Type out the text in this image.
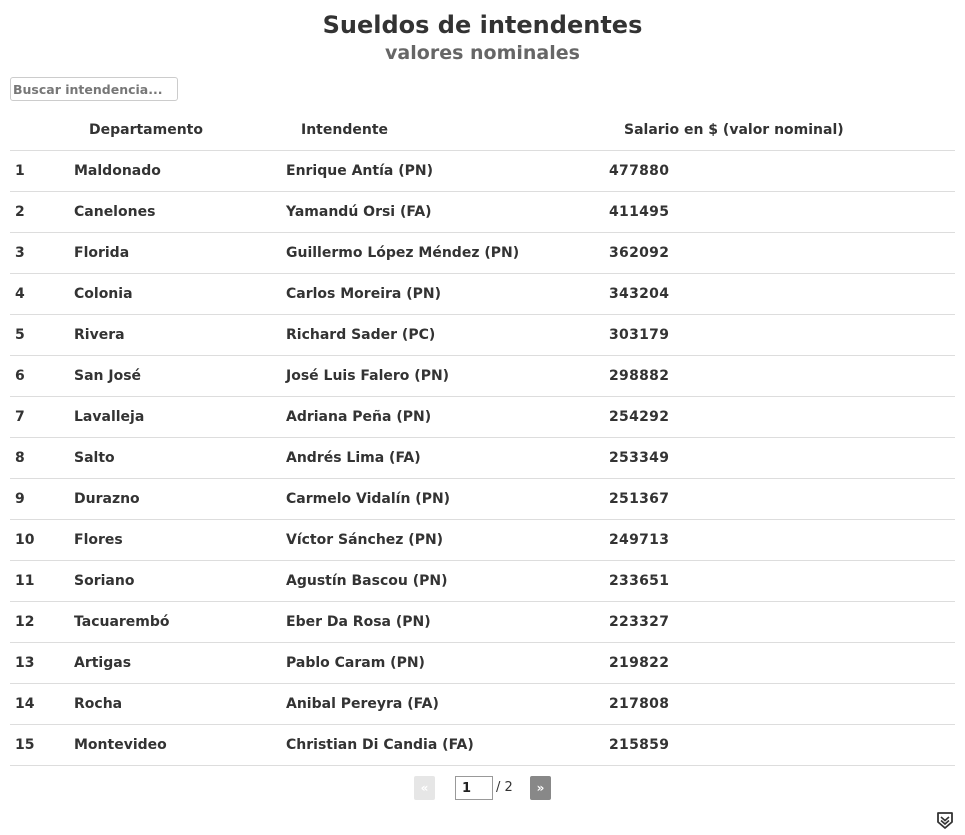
Sueldos de intendentes
valores nominales
Buscar intendencia...
	Departamento	Intendente	Salario en $ (valor nominal)
1	Maldonado	Enrique Antía (PN)	477880
2	Canelones	Yamandú Orsi (FA)	411495
3	Florida	Guillermo López Méndez (PN)	362092
4	Colonia	Carlos Moreira (PN)	343204
5	Rivera	Richard Sader (PC)	303179
6	San José	José Luis Falero (PN)	298882
7	Lavalleja	Adriana Peña (PN)	254292
8	Salto	Andrés Lima (FA)	253349
9	Durazno	Carmelo Vidalín (PN)	251367
10	Flores	Víctor Sánchez (PN)	249713
11	Soriano	Agustín Bascou (PN)	233651
12	Tacuarembó	Eber Da Rosa (PN)	223327
13	Artigas	Pablo Caram (PN)	219822
14	Rocha	Anibal Pereyra (FA)	217808
15	Montevideo	Christian Di Candia (FA)	215859
«
1	/ 2	»
